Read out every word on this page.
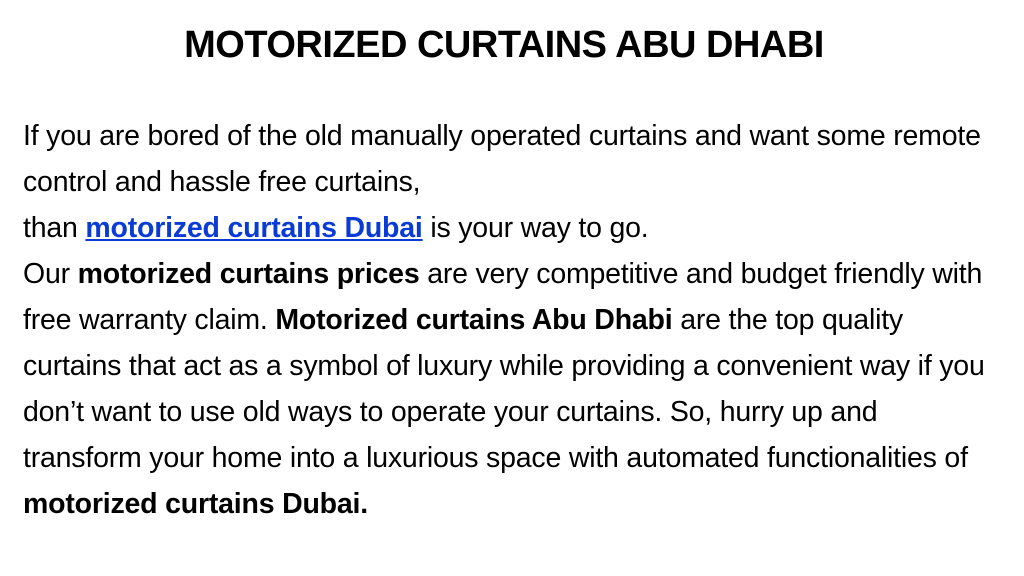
MOTORIZED CURTAINS ABU DHABI

If you are bored of the old manually operated curtains and want some remote control and hassle free curtains,
than motorized curtains Dubai is your way to go.

Our motorized curtains prices are very competitive and budget friendly with free warranty claim. Motorized curtains Abu Dhabi are the top quality curtains that act as a symbol of luxury while providing a convenient way if you don’t want to use old ways to operate your curtains. So, hurry up and transform your home into a luxurious space with automated functionalities of motorized curtains Dubai.
